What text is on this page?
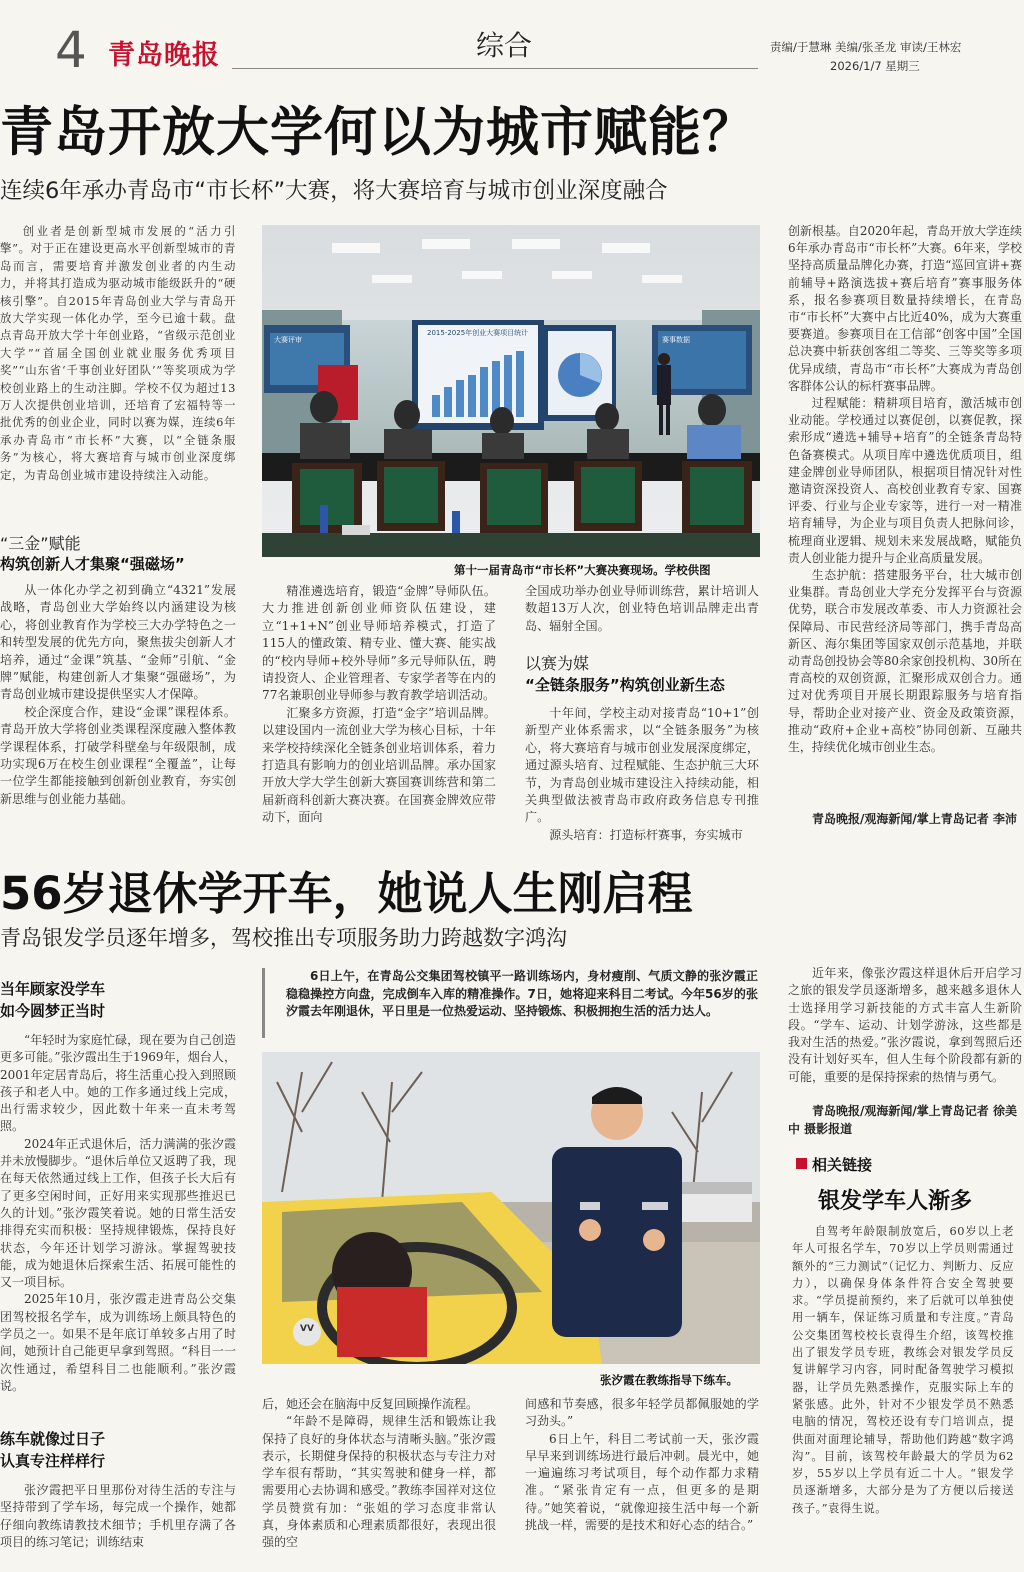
4 青岛晚报	综合	责编/于慧琳 美编/张圣龙 审读/王林宏
2026/1/7 星期三
青岛开放大学何以为城市赋能？
连续6年承办青岛市“市长杯”大赛，将大赛培育与城市创业深度融合

创业者是创新型城市发展的“活力引擎”。对于正在建设更高水平创新型城市的青岛而言，需要培育并激发创业者的内生动力，并将其打造成为驱动城市能级跃升的“硬核引擎”。自2015年青岛创业大学与青岛开放大学实现一体化办学，至今已逾十载。盘点青岛开放大学十年创业路，“省级示范创业大学”“首届全国创业就业服务优秀项目奖”“山东省‘千事创业好团队’”等奖项成为学校创业路上的生动注脚。学校不仅为超过13万人次提供创业培训，还培育了宏福特等一批优秀的创业企业，同时以赛为媒，连续6年承办青岛市“市长杯”大赛，以“全链条服务”为核心，将大赛培育与城市创业深度绑定，为青岛创业城市建设持续注入动能。

2015-2025年创业大赛项目统计
大赛评审	赛事数据
第十一届青岛市“市长杯”大赛决赛现场。学校供图
“三金”赋能
构筑创新人才集聚“强磁场”

从一体化办学之初到确立“4321”发展战略，青岛创业大学始终以内涵建设为核心，将创业教育作为学校三大办学特色之一和转型发展的优先方向，聚焦拔尖创新人才培养，通过“金课”筑基、“金师”引航、“金牌”赋能，构建创新人才集聚“强磁场”，为青岛创业城市建设提供坚实人才保障。

校企深度合作，建设“金课”课程体系。青岛开放大学将创业类课程深度融入整体教学课程体系，打破学科壁垒与年级限制，成功实现6万在校生创业课程“全覆盖”，让每一位学生都能接触到创新创业教育，夯实创新思维与创业能力基础。

精准遴选培育，锻造“金牌”导师队伍。大力推进创新创业师资队伍建设，建立“1+1+N”创业导师培养模式，打造了115人的懂政策、精专业、懂大赛、能实战的“校内导师+校外导师”多元导师队伍，聘请投资人、企业管理者、专家学者等在内的77名兼职创业导师参与教育教学培训活动。

汇聚多方资源，打造“金字”培训品牌。以建设国内一流创业大学为核心目标，十年来学校持续深化全链条创业培训体系，着力打造具有影响力的创业培训品牌。承办国家开放大学大学生创新大赛国赛训练营和第二届新商科创新大赛决赛。在国赛金牌效应带动下，面向

全国成功举办创业导师训练营，累计培训人数超13万人次，创业特色培训品牌走出青岛、辐射全国。

以赛为媒
“全链条服务”构筑创业新生态

十年间，学校主动对接青岛“10+1”创新型产业体系需求，以“全链条服务”为核心，将大赛培育与城市创业发展深度绑定，通过源头培育、过程赋能、生态护航三大环节，为青岛创业城市建设注入持续动能，相关典型做法被青岛市政府政务信息专刊推广。

源头培育：打造标杆赛事，夯实城市

创新根基。自2020年起，青岛开放大学连续6年承办青岛市“市长杯”大赛。6年来，学校坚持高质量品牌化办赛，打造“巡回宣讲+赛前辅导+路演选拔+赛后培育”赛事服务体系，报名参赛项目数量持续增长，在青岛市“市长杯”大赛中占比近40%，成为大赛重要赛道。参赛项目在工信部“创客中国”全国总决赛中斩获创客组二等奖、三等奖等多项优异成绩，青岛市“市长杯”大赛成为青岛创客群体公认的标杆赛事品牌。

过程赋能：精耕项目培育，激活城市创业动能。学校通过以赛促创，以赛促教，探索形成“遴选+辅导+培育”的全链条青岛特色备赛模式。从项目库中遴选优质项目，组建金牌创业导师团队，根据项目情况针对性邀请资深投资人、高校创业教育专家、国赛评委、行业与企业专家等，进行一对一精准培育辅导，为企业与项目负责人把脉问诊，梳理商业逻辑、规划未来发展战略，赋能负责人创业能力提升与企业高质量发展。

生态护航：搭建服务平台，壮大城市创业集群。青岛创业大学充分发挥平台与资源优势，联合市发展改革委、市人力资源社会保障局、市民营经济局等部门，携手青岛高新区、海尔集团等国家双创示范基地，并联动青岛创投协会等80余家创投机构、30所在青高校的双创资源，汇聚形成双创合力。通过对优秀项目开展长期跟踪服务与培育指导，帮助企业对接产业、资金及政策资源，推动“政府+企业+高校”协同创新、互融共生，持续优化城市创业生态。

青岛晚报/观海新闻/掌上青岛记者 李沛
56岁退休学开车，她说人生刚启程
青岛银发学员逐年增多，驾校推出专项服务助力跨越数字鸿沟
当年顾家没学车
如今圆梦正当时

“年轻时为家庭忙碌，现在要为自己创造更多可能。”张汐霞出生于1969年，烟台人，2001年定居青岛后，将生活重心投入到照顾孩子和老人中。她的工作多通过线上完成，出行需求较少，因此数十年来一直未考驾照。

2024年正式退休后，活力满满的张汐霞并未放慢脚步。“退休后单位又返聘了我，现在每天依然通过线上工作，但孩子长大后有了更多空闲时间，正好用来实现那些推迟已久的计划。”张汐霞笑着说。她的日常生活安排得充实而积极：坚持规律锻炼，保持良好状态，今年还计划学习游泳。掌握驾驶技能，成为她退休后探索生活、拓展可能性的又一项目标。

2025年10月，张汐霞走进青岛公交集团驾校报名学车，成为训练场上颇具特色的学员之一。如果不是年底订单较多占用了时间，她预计自己能更早拿到驾照。“科目一一次性通过，希望科目二也能顺利。”张汐霞说。

练车就像过日子
认真专注样样行

张汐霞把平日里那份对待生活的专注与坚持带到了学车场，每完成一个操作，她都仔细向教练请教技术细节；手机里存满了各项目的练习笔记；训练结束

6日上午，在青岛公交集团驾校镇平一路训练场内，身材瘦削、气质文静的张汐霞正稳稳操控方向盘，完成倒车入库的精准操作。7日，她将迎来科目二考试。今年56岁的张汐霞去年刚退休，平日里是一位热爱运动、坚持锻炼、积极拥抱生活的活力达人。
VV
张汐霞在教练指导下练车。

后，她还会在脑海中反复回顾操作流程。

“年龄不是障碍，规律生活和锻炼让我保持了良好的身体状态与清晰头脑。”张汐霞表示，长期健身保持的积极状态与专注力对学车很有帮助，“其实驾驶和健身一样，都需要用心去协调和感受。”教练李国祥对这位学员赞赏有加：“张姐的学习态度非常认真，身体素质和心理素质都很好，表现出很强的空

间感和节奏感，很多年轻学员都佩服她的学习劲头。”

6日上午，科目二考试前一天，张汐霞早早来到训练场进行最后冲刺。晨光中，她一遍遍练习考试项目，每个动作都力求精准。“紧张肯定有一点，但更多的是期待。”她笑着说，“就像迎接生活中每一个新挑战一样，需要的是技术和好心态的结合。”

近年来，像张汐霞这样退休后开启学习之旅的银发学员逐渐增多，越来越多退休人士选择用学习新技能的方式丰富人生新阶段。“学车、运动、计划学游泳，这些都是我对生活的热爱。”张汐霞说，拿到驾照后还没有计划好买车，但人生每个阶段都有新的可能，重要的是保持探索的热情与勇气。

青岛晚报/观海新闻/掌上青岛记者 徐美中 摄影报道
相关链接
银发学车人渐多

自驾考年龄限制放宽后，60岁以上老年人可报名学车，70岁以上学员则需通过额外的“三力测试”（记忆力、判断力、反应力），以确保身体条件符合安全驾驶要求。“学员提前预约，来了后就可以单独使用一辆车，保证练习质量和专注度。”青岛公交集团驾校校长袁得生介绍，该驾校推出了银发学员专班，教练会对银发学员反复讲解学习内容，同时配备驾驶学习模拟器，让学员先熟悉操作，克服实际上车的紧张感。此外，针对不少银发学员不熟悉电脑的情况，驾校还设有专门培训点，提供面对面理论辅导，帮助他们跨越“数字鸿沟”。目前，该驾校年龄最大的学员为62岁，55岁以上学员有近二十人。“银发学员逐渐增多，大部分是为了方便以后接送孩子。”袁得生说。
